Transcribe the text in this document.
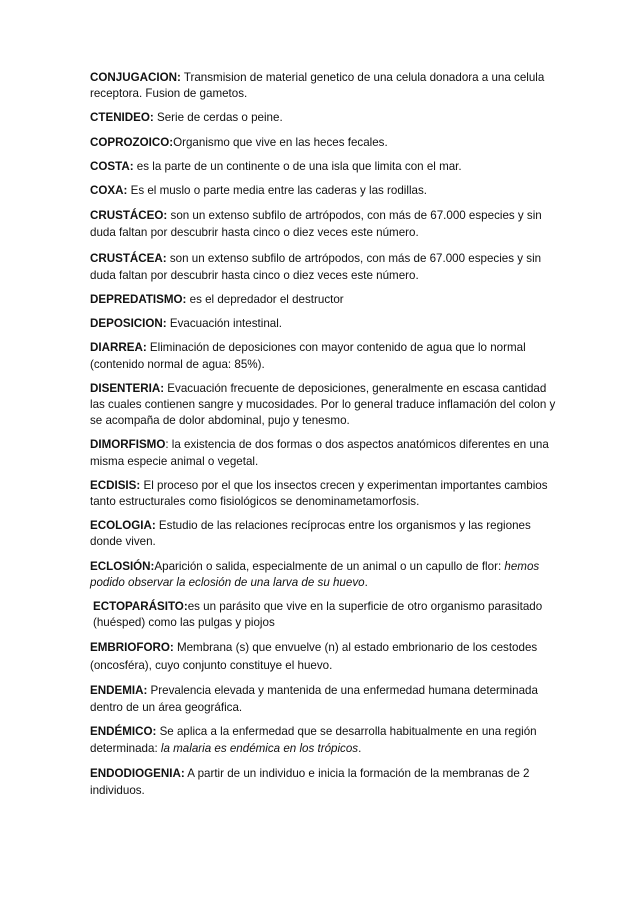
CONJUGACION: Transmision de material genetico de una celula donadora a una celula receptora. Fusion de gametos.

CTENIDEO: Serie de cerdas o peine.

COPROZOICO:Organismo que vive en las heces fecales.

COSTA: es la parte de un continente o de una isla que limita con el mar.

COXA: Es el muslo o parte media entre las caderas y las rodillas.

CRUSTÁCEO: son un extenso subfilo de artrópodos, con más de 67.000 especies y sin duda faltan por descubrir hasta cinco o diez veces este número.

CRUSTÁCEA: son un extenso subfilo de artrópodos, con más de 67.000 especies y sin duda faltan por descubrir hasta cinco o diez veces este número.

DEPREDATISMO: es el depredador el destructor

DEPOSICION: Evacuación intestinal.

DIARREA: Eliminación de deposiciones con mayor contenido de agua que lo normal (contenido normal de agua: 85%).

DISENTERIA: Evacuación frecuente de deposiciones, generalmente en escasa cantidad las cuales contienen sangre y mucosidades. Por lo general traduce inflamación del colon y se acompaña de dolor abdominal, pujo y tenesmo.

DIMORFISMO: la existencia de dos formas o dos aspectos anatómicos diferentes en una misma especie animal o vegetal.

ECDISIS: El proceso por el que los insectos crecen y experimentan importantes cambios tanto estructurales como fisiológicos se denominametamorfosis.

ECOLOGIA: Estudio de las relaciones recíprocas entre los organismos y las regiones donde viven.

ECLOSIÓN:Aparición o salida, especialmente de un animal o un capullo de flor: hemos podido observar la eclosión de una larva de su huevo.

ECTOPARÁSITO:es un parásito que vive en la superficie de otro organismo parasitado (huésped) como las pulgas y piojos

EMBRIOFORO: Membrana (s) que envuelve (n) al estado embrionario de los cestodes (oncosféra), cuyo conjunto constituye el huevo.

ENDEMIA: Prevalencia elevada y mantenida de una enfermedad humana determinada dentro de un área geográfica.

ENDÉMICO: Se aplica a la enfermedad que se desarrolla habitualmente en una región determinada: la malaria es endémica en los trópicos.

ENDODIOGENIA: A partir de un individuo e inicia la formación de la membranas de 2 individuos.
